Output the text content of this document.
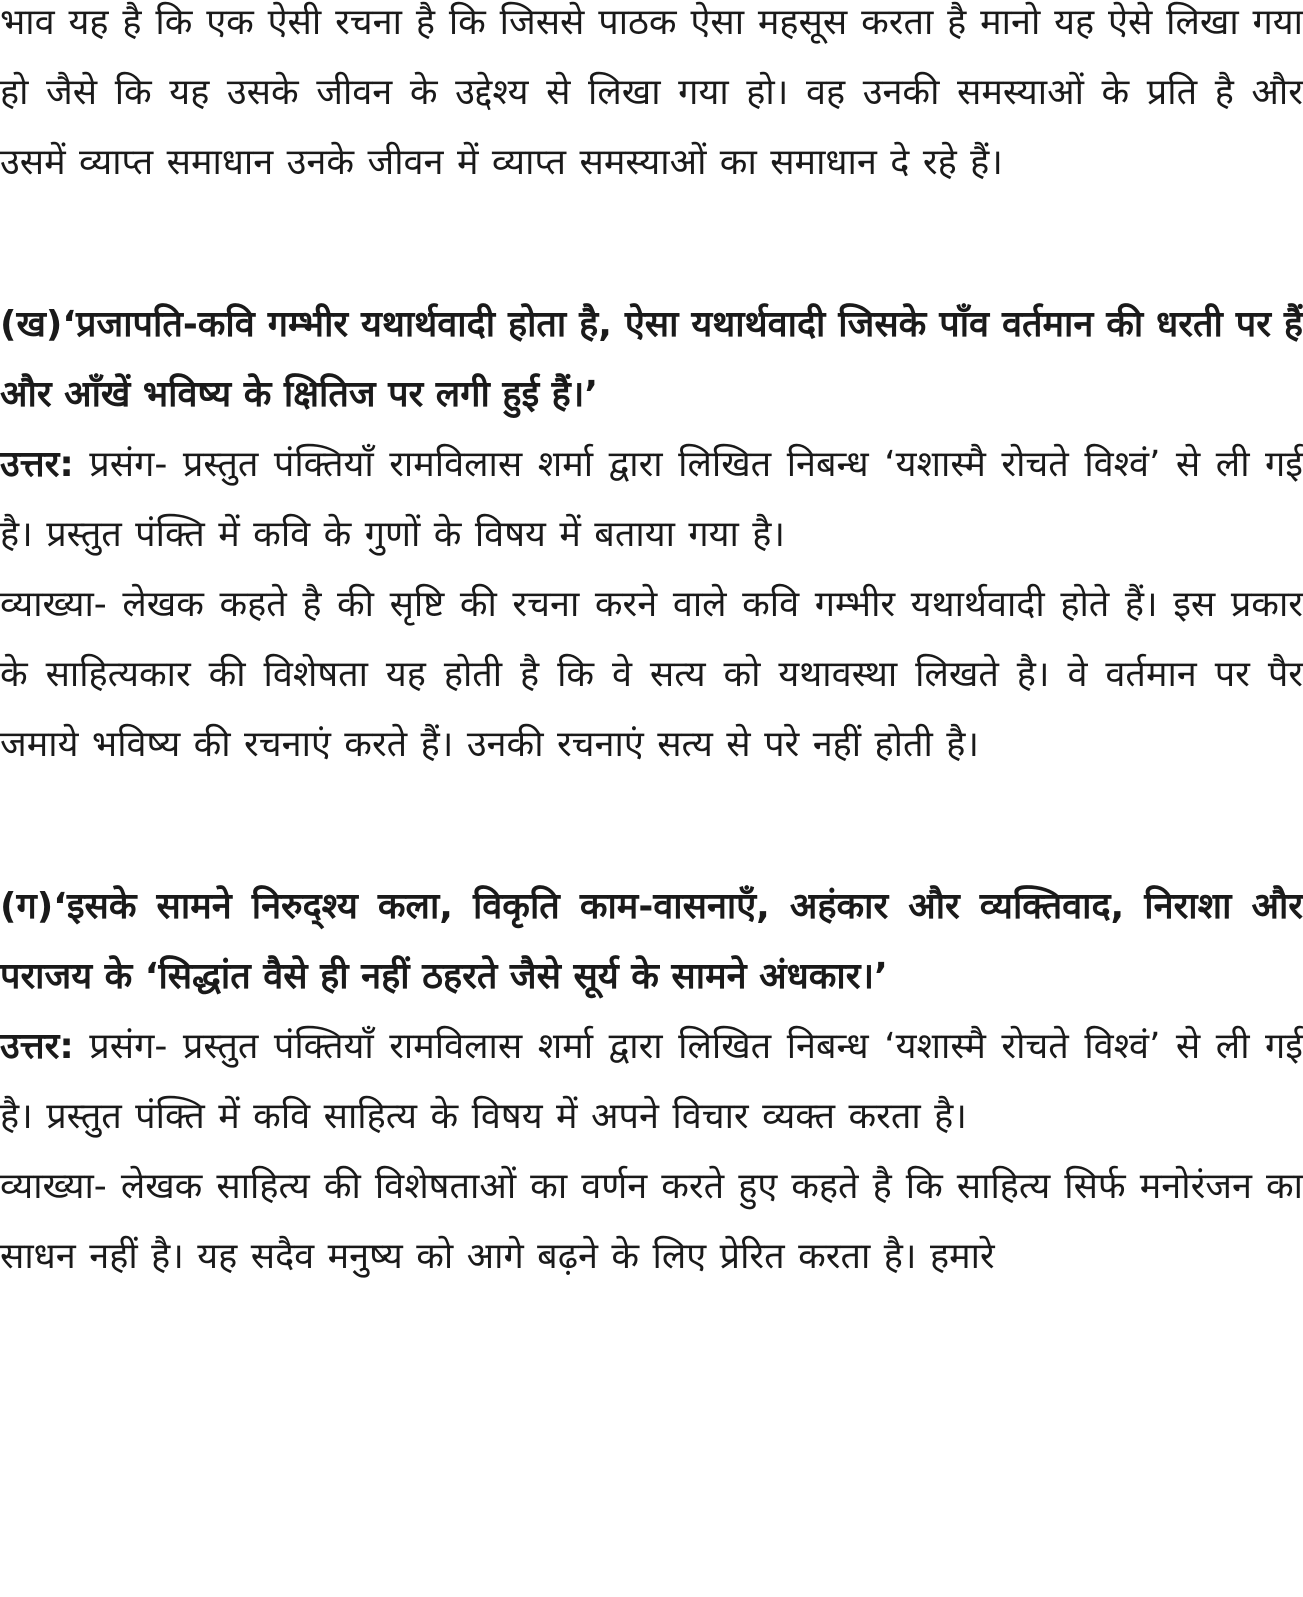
भाव यह है कि एक ऐसी रचना है कि जिससे पाठक ऐसा महसूस करता है मानो यह ऐसे लिखा गया हो जैसे कि यह उसके जीवन के उद्देश्य से लिखा गया हो। वह उनकी समस्याओं के प्रति है और उसमें व्याप्त समाधान उनके जीवन में व्याप्त समस्याओं का समाधान दे रहे हैं।

(ख)‘प्रजापति-कवि गम्भीर यथार्थवादी होता है, ऐसा यथार्थवादी जिसके पाँव वर्तमान की धरती पर हैं और आँखें भविष्य के क्षितिज पर लगी हुई हैं।’

उत्तर: प्रसंग- प्रस्तुत पंक्तियाँ रामविलास शर्मा द्वारा लिखित निबन्ध ‘यशास्मै रोचते विश्वं’ से ली गई है। प्रस्तुत पंक्ति में कवि के गुणों के विषय में बताया गया है।

व्याख्या- लेखक कहते है की सृष्टि की रचना करने वाले कवि गम्भीर यथार्थवादी होते हैं। इस प्रकार के साहित्यकार की विशेषता यह होती है कि वे सत्य को यथावस्था लिखते है। वे वर्तमान पर पैर जमाये भविष्य की रचनाएं करते हैं। उनकी रचनाएं सत्य से परे नहीं होती है।

(ग)‘इसके सामने निरुद्श्य कला, विकृति काम-वासनाएँ, अहंकार और व्यक्तिवाद, निराशा और पराजय के ‘सिद्धांत वैसे ही नहीं ठहरते जैसे सूर्य के सामने अंधकार।’

उत्तर: प्रसंग- प्रस्तुत पंक्तियाँ रामविलास शर्मा द्वारा लिखित निबन्ध ‘यशास्मै रोचते विश्वं’ से ली गई है। प्रस्तुत पंक्ति में कवि साहित्य के विषय में अपने विचार व्यक्त करता है।

व्याख्या- लेखक साहित्य की विशेषताओं का वर्णन करते हुए कहते है कि साहित्य सिर्फ मनोरंजन का साधन नहीं है। यह सदैव मनुष्य को आगे बढ़ने के लिए प्रेरित करता है। हमारे
